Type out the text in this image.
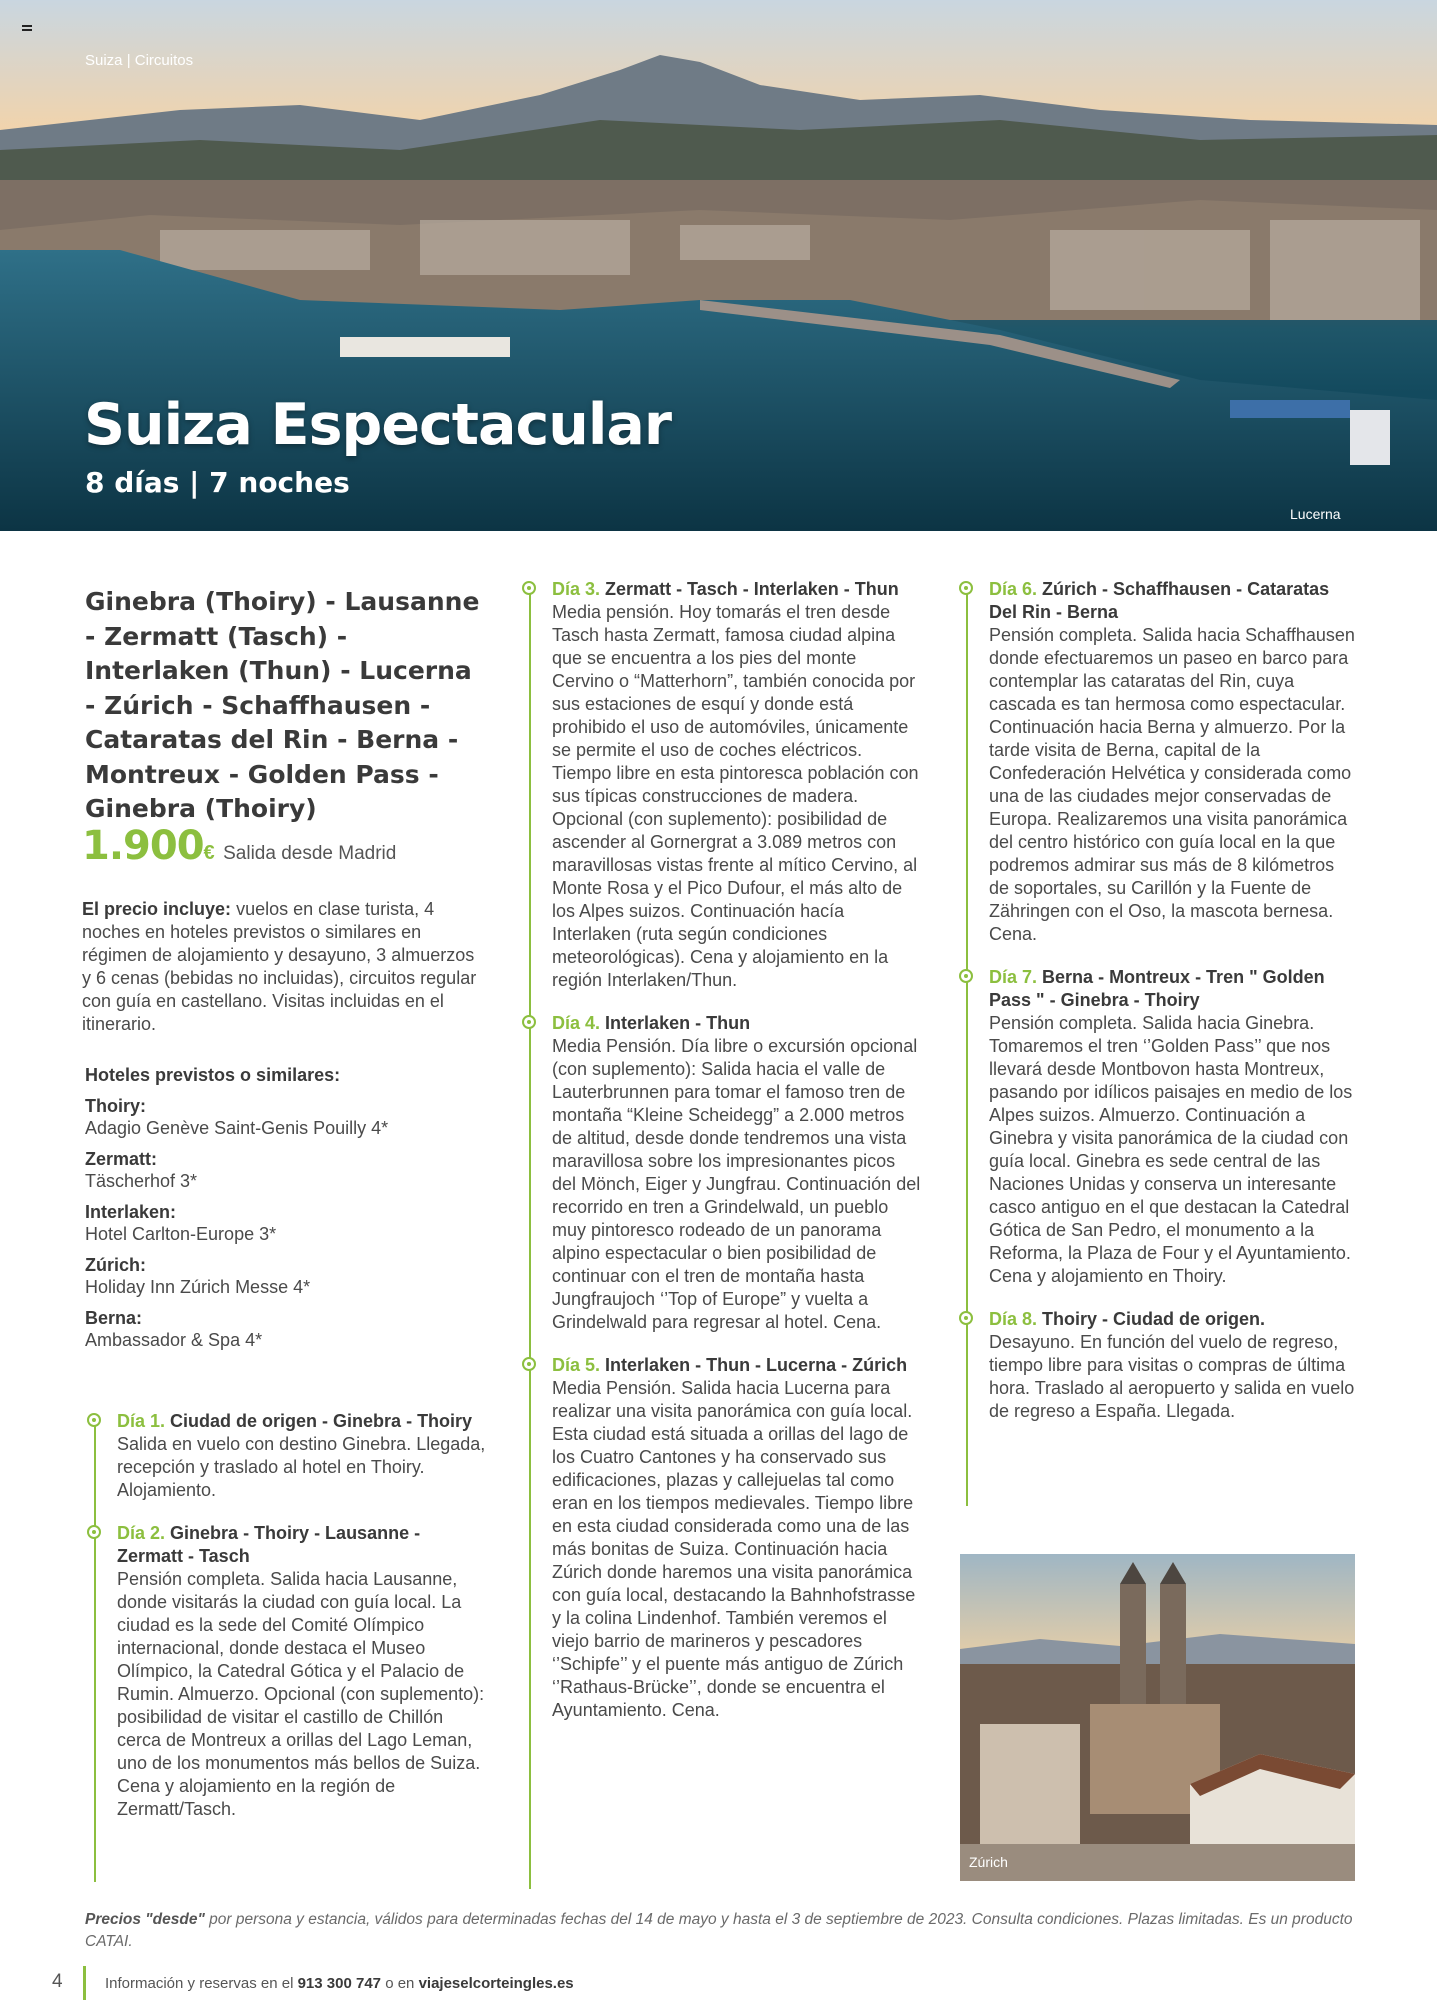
Suiza | Circuitos
Suiza Espectacular
8 días | 7 noches
Lucerna
Ginebra (Thoiry) - Lausanne - Zermatt (Tasch) - Interlaken (Thun) - Lucerna - Zúrich - Schaffhausen - Cataratas del Rin - Berna - Montreux - Golden Pass - Ginebra (Thoiry)
1.900€ Salida desde Madrid
El precio incluye: vuelos en clase turista, 4 noches en hoteles previstos o similares en régimen de alojamiento y desayuno, 3 almuerzos y 6 cenas (bebidas no incluidas), circuitos regular con guía en castellano. Visitas incluidas en el itinerario.
Hoteles previstos o similares:
Thoiry:
Adagio Genève Saint-Genis Pouilly 4*
Zermatt:
Täscherhof 3*
Interlaken:
Hotel Carlton-Europe 3*
Zúrich:
Holiday Inn Zúrich Messe 4*
Berna:
Ambassador & Spa 4*
Día 1. Ciudad de origen - Ginebra - Thoiry
Salida en vuelo con destino Ginebra. Llegada, recepción y traslado al hotel en Thoiry. Alojamiento.
Día 2. Ginebra - Thoiry - Lausanne - Zermatt - Tasch
Pensión completa. Salida hacia Lausanne, donde visitarás la ciudad con guía local. La ciudad es la sede del Comité Olímpico internacional, donde destaca el Museo Olímpico, la Catedral Gótica y el Palacio de Rumin. Almuerzo. Opcional (con suplemento): posibilidad de visitar el castillo de Chillón cerca de Montreux a orillas del Lago Leman, uno de los monumentos más bellos de Suiza. Cena y alojamiento en la región de Zermatt/Tasch.
Día 3. Zermatt - Tasch - Interlaken - Thun
Media pensión. Hoy tomarás el tren desde Tasch hasta Zermatt, famosa ciudad alpina que se encuentra a los pies del monte Cervino o “Matterhorn”, también conocida por sus estaciones de esquí y donde está prohibido el uso de automóviles, únicamente se permite el uso de coches eléctricos. Tiempo libre en esta pintoresca población con sus típicas construcciones de madera. Opcional (con suplemento): posibilidad de ascender al Gornergrat a 3.089 metros con maravillosas vistas frente al mítico Cervino, al Monte Rosa y el Pico Dufour, el más alto de los Alpes suizos. Continuación hacía Interlaken (ruta según condiciones meteorológicas). Cena y alojamiento en la región Interlaken/Thun.
Día 4. Interlaken - Thun
Media Pensión. Día libre o excursión opcional (con suplemento): Salida hacia el valle de Lauterbrunnen para tomar el famoso tren de montaña “Kleine Scheidegg” a 2.000 metros de altitud, desde donde tendremos una vista maravillosa sobre los impresionantes picos del Mönch, Eiger y Jungfrau. Continuación del recorrido en tren a Grindelwald, un pueblo muy pintoresco rodeado de un panorama alpino espectacular o bien posibilidad de continuar con el tren de montaña hasta Jungfraujoch ‘’Top of Europe” y vuelta a Grindelwald para regresar al hotel. Cena.
Día 5. Interlaken - Thun - Lucerna - Zúrich
Media Pensión. Salida hacia Lucerna para realizar una visita panorámica con guía local. Esta ciudad está situada a orillas del lago de los Cuatro Cantones y ha conservado sus edificaciones, plazas y callejuelas tal como eran en los tiempos medievales. Tiempo libre en esta ciudad considerada como una de las más bonitas de Suiza. Continuación hacia Zúrich donde haremos una visita panorámica con guía local, destacando la Bahnhofstrasse y la colina Lindenhof. También veremos el viejo barrio de marineros y pescadores ‘’Schipfe’’ y el puente más antiguo de Zúrich ‘’Rathaus-Brücke’’, donde se encuentra el Ayuntamiento. Cena.
Día 6. Zúrich - Schaffhausen - Cataratas Del Rin - Berna
Pensión completa. Salida hacia Schaffhausen donde efectuaremos un paseo en barco para contemplar las cataratas del Rin, cuya cascada es tan hermosa como espectacular. Continuación hacia Berna y almuerzo. Por la tarde visita de Berna, capital de la Confederación Helvética y considerada como una de las ciudades mejor conservadas de Europa. Realizaremos una visita panorámica del centro histórico con guía local en la que podremos admirar sus más de 8 kilómetros de soportales, su Carillón y la Fuente de Zähringen con el Oso, la mascota bernesa. Cena.
Día 7. Berna - Montreux - Tren " Golden Pass " - Ginebra - Thoiry
Pensión completa. Salida hacia Ginebra. Tomaremos el tren ‘’Golden Pass’’ que nos llevará desde Montbovon hasta Montreux, pasando por idílicos paisajes en medio de los Alpes suizos. Almuerzo. Continuación a Ginebra y visita panorámica de la ciudad con guía local. Ginebra es sede central de las Naciones Unidas y conserva un interesante casco antiguo en el que destacan la Catedral Gótica de San Pedro, el monumento a la Reforma, la Plaza de Four y el Ayuntamiento. Cena y alojamiento en Thoiry.
Día 8. Thoiry - Ciudad de origen.
Desayuno. En función del vuelo de regreso, tiempo libre para visitas o compras de última hora. Traslado al aeropuerto y salida en vuelo de regreso a España. Llegada.
Zúrich
Precios "desde" por persona y estancia, válidos para determinadas fechas del 14 de mayo y hasta el 3 de septiembre de 2023. Consulta condiciones. Plazas limitadas. Es un producto CATAI.
4	Información y reservas en el 913 300 747 o en viajeselcorteingles.es
